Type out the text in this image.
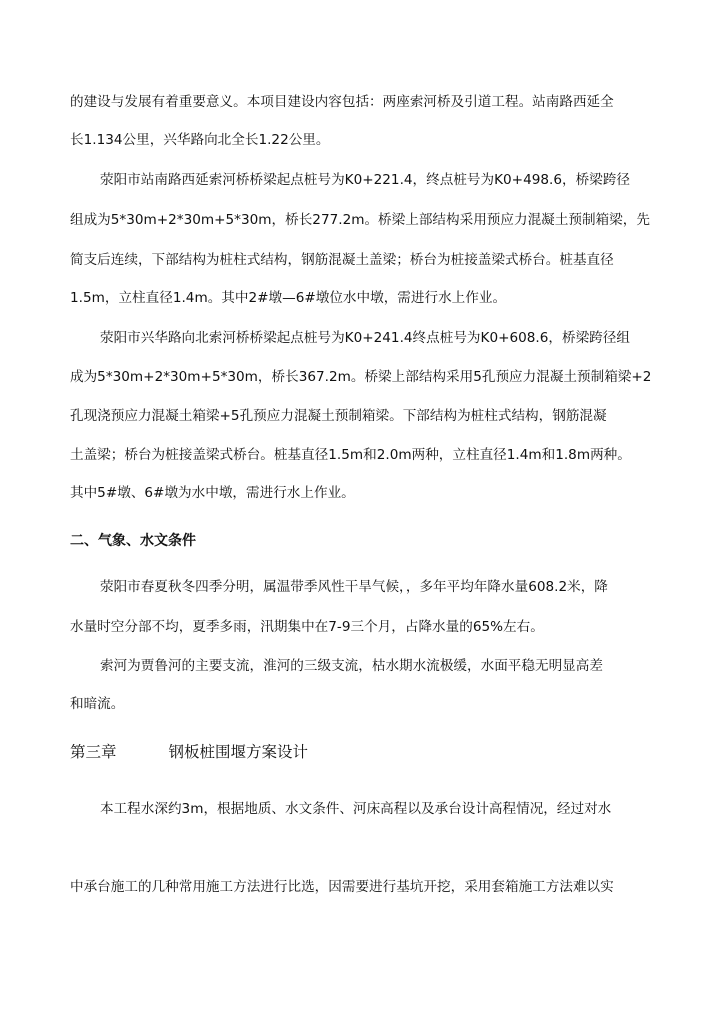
的建设与发展有着重要意义。本项目建设内容包括：两座索河桥及引道工程。站南路西延全
长1.134公里，兴华路向北全长1.22公里。
荥阳市站南路西延索河桥桥梁起点桩号为K0+221.4，终点桩号为K0+498.6，桥梁跨径
组成为5*30m+2*30m+5*30m，桥长277.2m。桥梁上部结构采用预应力混凝土预制箱梁，先
简支后连续，下部结构为桩柱式结构，钢筋混凝土盖梁；桥台为桩接盖梁式桥台。桩基直径
1.5m，立柱直径1.4m。其中2#墩—6#墩位水中墩，需进行水上作业。
荥阳市兴华路向北索河桥桥梁起点桩号为K0+241.4终点桩号为K0+608.6，桥梁跨径组
成为5*30m+2*30m+5*30m，桥长367.2m。桥梁上部结构采用5孔预应力混凝土预制箱梁+2
孔现浇预应力混凝土箱梁+5孔预应力混凝土预制箱梁。下部结构为桩柱式结构，钢筋混凝
土盖梁；桥台为桩接盖梁式桥台。桩基直径1.5m和2.0m两种，立柱直径1.4m和1.8m两种。
其中5#墩、6#墩为水中墩，需进行水上作业。
二、气象、水文条件
荥阳市春夏秋冬四季分明，属温带季风性干旱气候，，多年平均年降水量608.2米，降
水量时空分部不均，夏季多雨，汛期集中在7-9三个月，占降水量的65%左右。
索河为贾鲁河的主要支流，淮河的三级支流，枯水期水流极缓，水面平稳无明显高差
和暗流。
第三章	钢板桩围堰方案设计
本工程水深约3m，根据地质、水文条件、河床高程以及承台设计高程情况，经过对水
中承台施工的几种常用施工方法进行比选，因需要进行基坑开挖，采用套箱施工方法难以实
